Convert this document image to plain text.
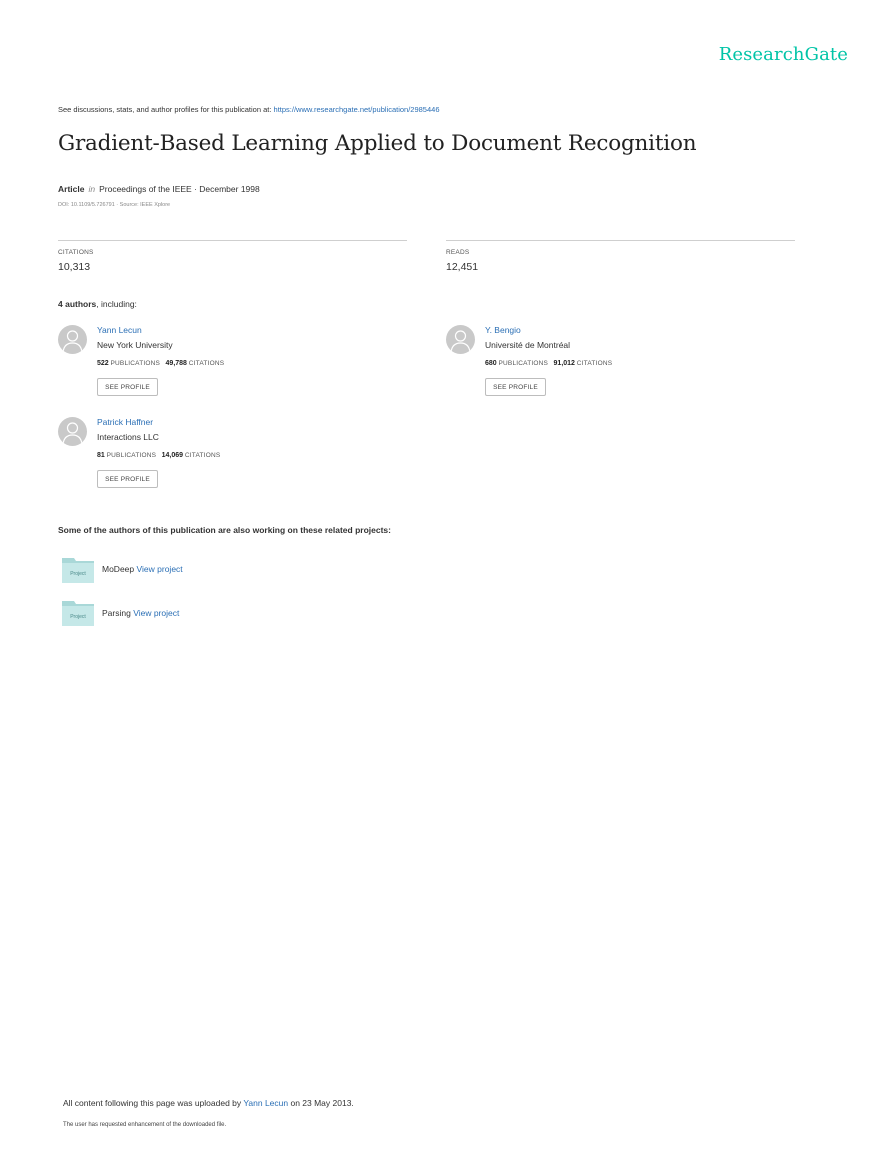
ResearchGate
See discussions, stats, and author profiles for this publication at: https://www.researchgate.net/publication/2985446
Gradient-Based Learning Applied to Document Recognition
Article in Proceedings of the IEEE · December 1998
DOI: 10.1109/5.726791 · Source: IEEE Xplore
CITATIONS
10,313
READS
12,451
4 authors, including:
Yann Lecun
New York University
522 PUBLICATIONS 49,788 CITATIONS
SEE PROFILE
Y. Bengio
Université de Montréal
680 PUBLICATIONS 91,012 CITATIONS
SEE PROFILE
Patrick Haffner
Interactions LLC
81 PUBLICATIONS 14,069 CITATIONS
SEE PROFILE
Some of the authors of this publication are also working on these related projects:
Project MoDeep View project
Project Parsing View project
All content following this page was uploaded by Yann Lecun on 23 May 2013.
The user has requested enhancement of the downloaded file.
